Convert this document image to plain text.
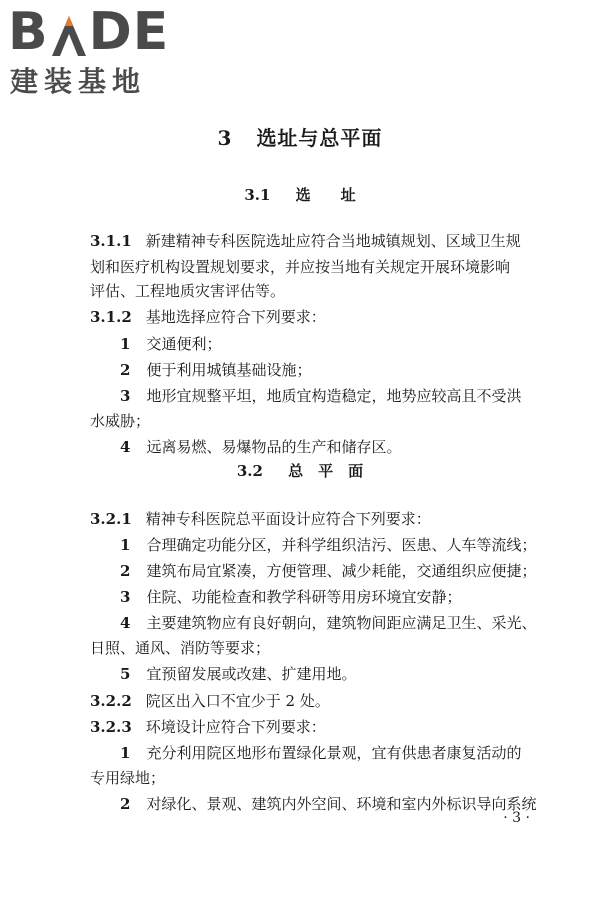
B DE
建装基地
3 选址与总平面
3.1 选　　址
3.2 总　平　面
3.1.1 新建精神专科医院选址应符合当地城镇规划、区域卫生规
划和医疗机构设置规划要求，并应按当地有关规定开展环境影响
评估、工程地质灾害评估等。
3.1.2 基地选择应符合下列要求：
1 交通便利；
2 便于利用城镇基础设施；
3 地形宜规整平坦，地质宜构造稳定，地势应较高且不受洪
水威胁；
4 远离易燃、易爆物品的生产和储存区。
3.2.1 精神专科医院总平面设计应符合下列要求：
1 合理确定功能分区，并科学组织洁污、医患、人车等流线；
2 建筑布局宜紧凑，方便管理、减少耗能，交通组织应便捷；
3 住院、功能检查和教学科研等用房环境宜安静；
4 主要建筑物应有良好朝向，建筑物间距应满足卫生、采光、
日照、通风、消防等要求；
5 宜预留发展或改建、扩建用地。
3.2.2 院区出入口不宜少于 2 处。
3.2.3 环境设计应符合下列要求：
1 充分利用院区地形布置绿化景观，宜有供患者康复活动的
专用绿地；
2 对绿化、景观、建筑内外空间、环境和室内外标识导向系统
· 3 ·
